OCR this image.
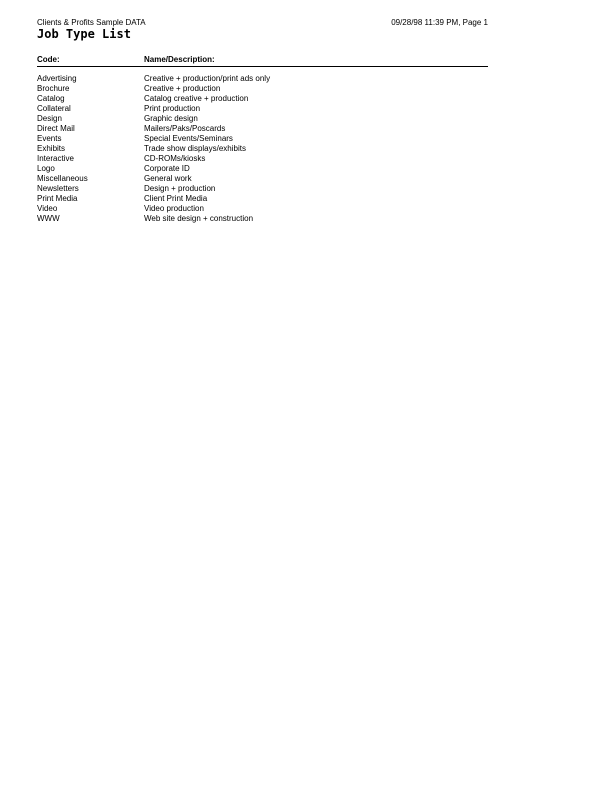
Clients & Profits Sample DATA	09/28/98 11:39 PM, Page 1
Job Type List
Code:	Name/Description:
Advertising	Creative + production/print ads only
Brochure	Creative + production
Catalog	Catalog creative + production
Collateral	Print production
Design	Graphic design
Direct Mail	Mailers/Paks/Poscards
Events	Special Events/Seminars
Exhibits	Trade show displays/exhibits
Interactive	CD-ROMs/kiosks
Logo	Corporate ID
Miscellaneous	General work
Newsletters	Design + production
Print Media	Client Print Media
Video	Video production
WWW	Web site design + construction
